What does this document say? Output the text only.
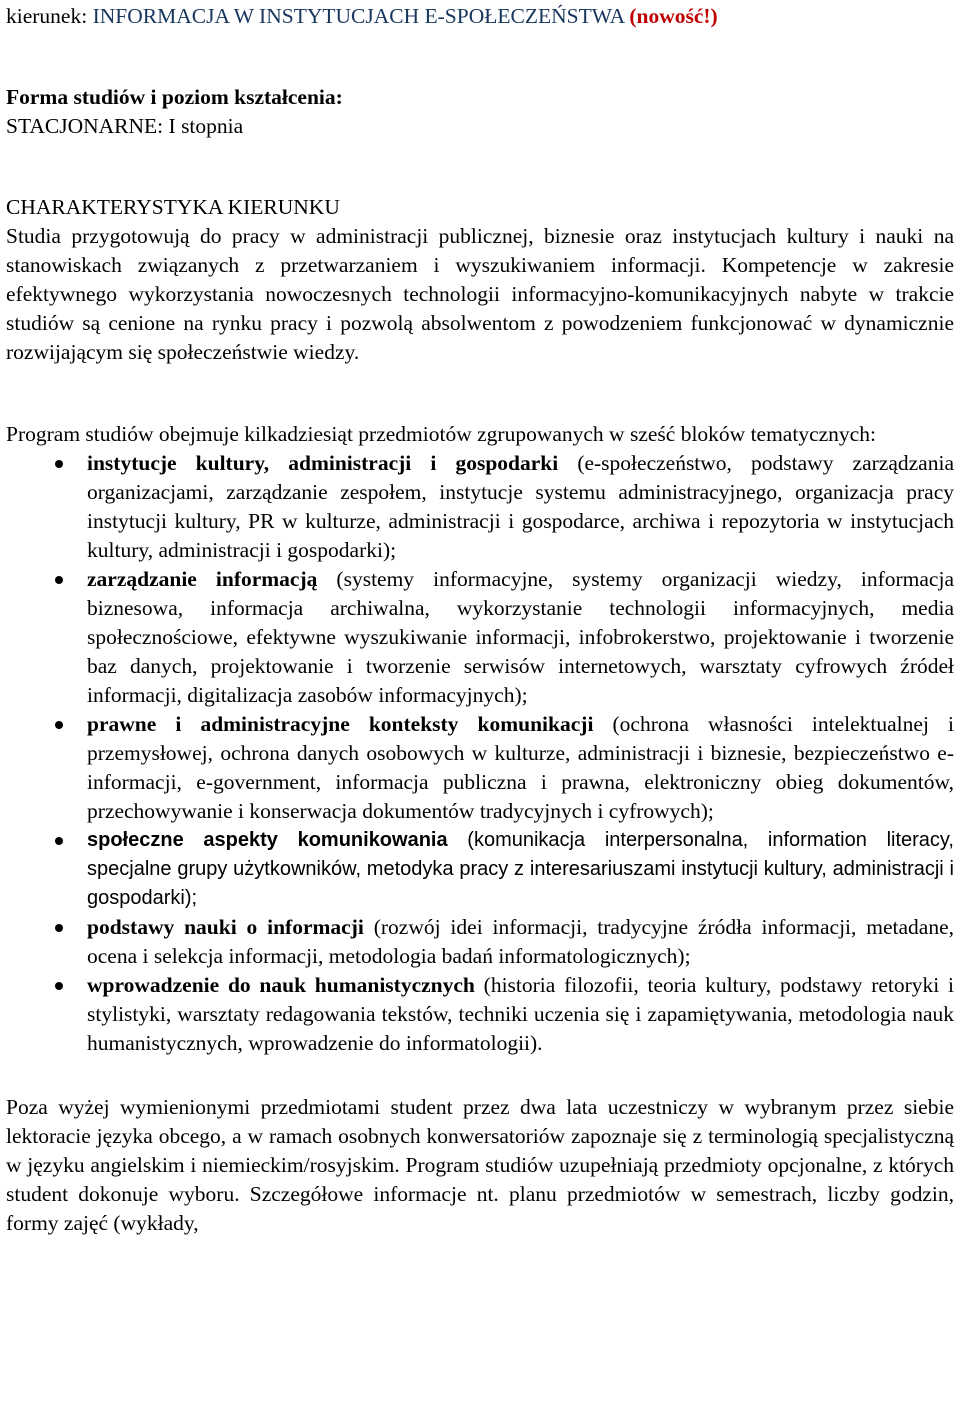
kierunek: INFORMACJA W INSTYTUCJACH E-SPOŁECZEŃSTWA (nowość!)

Forma studiów i poziom kształcenia:

STACJONARNE: I stopnia

CHARAKTERYSTYKA KIERUNKU

Studia przygotowują do pracy w administracji publicznej, biznesie oraz instytucjach kultury i nauki na stanowiskach związanych z przetwarzaniem i wyszukiwaniem informacji. Kompetencje w zakresie efektywnego wykorzystania nowoczesnych technologii informacyjno-komunikacyjnych nabyte w trakcie studiów są cenione na rynku pracy i pozwolą absolwentom z powodzeniem funkcjonować w dynamicznie rozwijającym się społeczeństwie wiedzy.

Program studiów obejmuje kilkadziesiąt przedmiotów zgrupowanych w sześć bloków tematycznych:

instytucje kultury, administracji i gospodarki (e-społeczeństwo, podstawy zarządzania organizacjami, zarządzanie zespołem, instytucje systemu administracyjnego, organizacja pracy instytucji kultury, PR w kulturze, administracji i gospodarce, archiwa i repozytoria w instytucjach kultury, administracji i gospodarki);
zarządzanie informacją (systemy informacyjne, systemy organizacji wiedzy, informacja biznesowa, informacja archiwalna, wykorzystanie technologii informacyjnych, media społecznościowe, efektywne wyszukiwanie informacji, infobrokerstwo, projektowanie i tworzenie baz danych, projektowanie i tworzenie serwisów internetowych, warsztaty cyfrowych źródeł informacji, digitalizacja zasobów informacyjnych);
prawne i administracyjne konteksty komunikacji (ochrona własności intelektualnej i przemysłowej, ochrona danych osobowych w kulturze, administracji i biznesie, bezpieczeństwo e-informacji, e-government, informacja publiczna i prawna, elektroniczny obieg dokumentów, przechowywanie i konserwacja dokumentów tradycyjnych i cyfrowych);
społeczne aspekty komunikowania (komunikacja interpersonalna, information literacy, specjalne grupy użytkowników, metodyka pracy z interesariuszami instytucji kultury, administracji i gospodarki);
podstawy nauki o informacji (rozwój idei informacji, tradycyjne źródła informacji, metadane, ocena i selekcja informacji, metodologia badań informatologicznych);
wprowadzenie do nauk humanistycznych (historia filozofii, teoria kultury, podstawy retoryki i stylistyki, warsztaty redagowania tekstów, techniki uczenia się i zapamiętywania, metodologia nauk humanistycznych, wprowadzenie do informatologii).

Poza wyżej wymienionymi przedmiotami student przez dwa lata uczestniczy w wybranym przez siebie lektoracie języka obcego, a w ramach osobnych konwersatoriów zapoznaje się z terminologią specjalistyczną w języku angielskim i niemieckim/rosyjskim. Program studiów uzupełniają przedmioty opcjonalne, z których student dokonuje wyboru. Szczegółowe informacje nt. planu przedmiotów w semestrach, liczby godzin, formy zajęć (wykłady,
